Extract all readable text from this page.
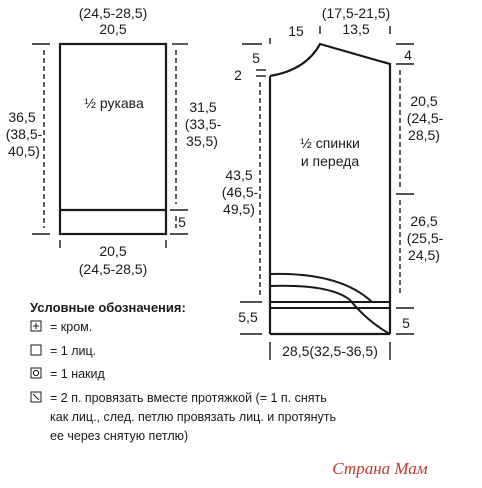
(24,5-28,5)
20,5
½ рукава
36,5
(38,5-
40,5)
31,5
(33,5-
35,5)
5
20,5
(24,5-28,5)
(17,5-21,5)
13,5
15
5
2
4
20,5
(24,5-
28,5)
½ спинки
и переда
43,5
(46,5-
49,5)
26,5
(25,5-
24,5)
5,5	5
28,5(32,5-36,5)
Условные обозначения:
= кром.
= 1 лиц.
= 1 накид
= 2 п. провязать вместе протяжкой (= 1 п. снять
как лиц., след. петлю провязать лиц. и протянуть
ее через снятую петлю)
Страна Мам
